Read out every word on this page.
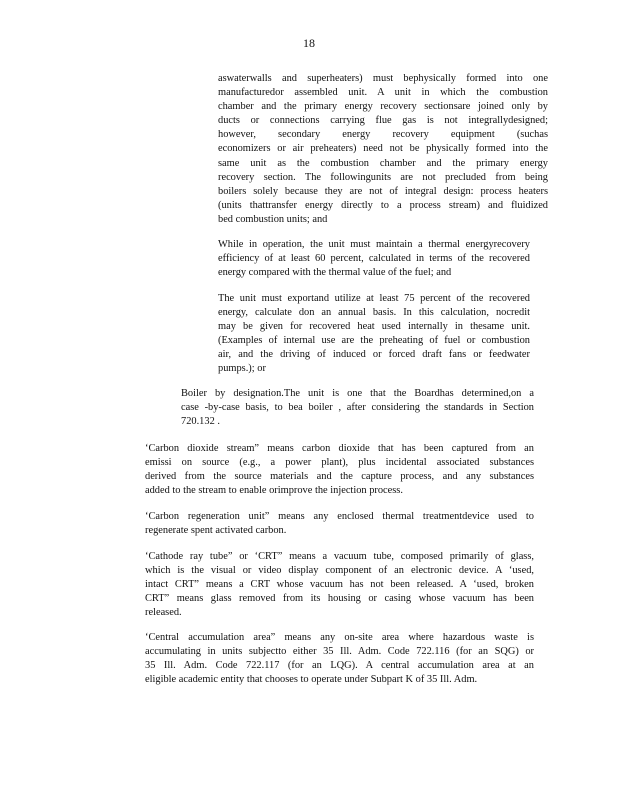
18
aswaterwalls and superheaters) must bephysically formed into one
manufacturedor assembled unit. A unit in which the combustion
chamber and the primary energy recovery sectionsare joined only by
ducts or connections carrying flue gas is not integrallydesigned;
however, secondary energy recovery equipment (suchas
economizers or air preheaters) need not be physically formed into the
same unit as the combustion chamber and the primary energy
recovery section. The followingunits are not precluded from being
boilers solely because they are not of integral design: process heaters
(units thattransfer energy directly to a process stream) and fluidized
bed combustion units; and
While in operation, the unit must maintain a thermal energyrecovery
efficiency of at least 60 percent, calculated in terms of the recovered
energy compared with the thermal value of the fuel; and
The unit must exportand utilize at least 75 percent of the recovered
energy, calculate don an annual basis. In this calculation, nocredit
may be given for recovered heat used internally in thesame unit.
(Examples of internal use are the preheating of fuel or combustion
air, and the driving of induced or forced draft fans or feedwater
pumps.); or
Boiler by designation.The unit is one that the Boardhas determined,on a
case -by-case basis, to bea boiler , after considering the standards in Section
720.132 .
‘Carbon dioxide stream” means carbon dioxide that has been captured from an
emissi on source (e.g., a power plant), plus incidental associated substances
derived from the source materials and the capture process, and any substances
added to the stream to enable orimprove the injection process.
‘Carbon regeneration unit” means any enclosed thermal treatmentdevice used to
regenerate spent activated carbon.
‘Cathode ray tube” or ‘CRT” means a vacuum tube, composed primarily of glass,
which is the visual or video display component of an electronic device. A ‘used,
intact CRT” means a CRT whose vacuum has not been released. A ‘used, broken
CRT” means glass removed from its housing or casing whose vacuum has been
released.
‘Central accumulation area” means any on-site area where hazardous waste is
accumulating in units subjectto either 35 Ill. Adm. Code 722.116 (for an SQG) or
35 Ill. Adm. Code 722.117 (for an LQG). A central accumulation area at an
eligible academic entity that chooses to operate under Subpart K of 35 Ill. Adm.
